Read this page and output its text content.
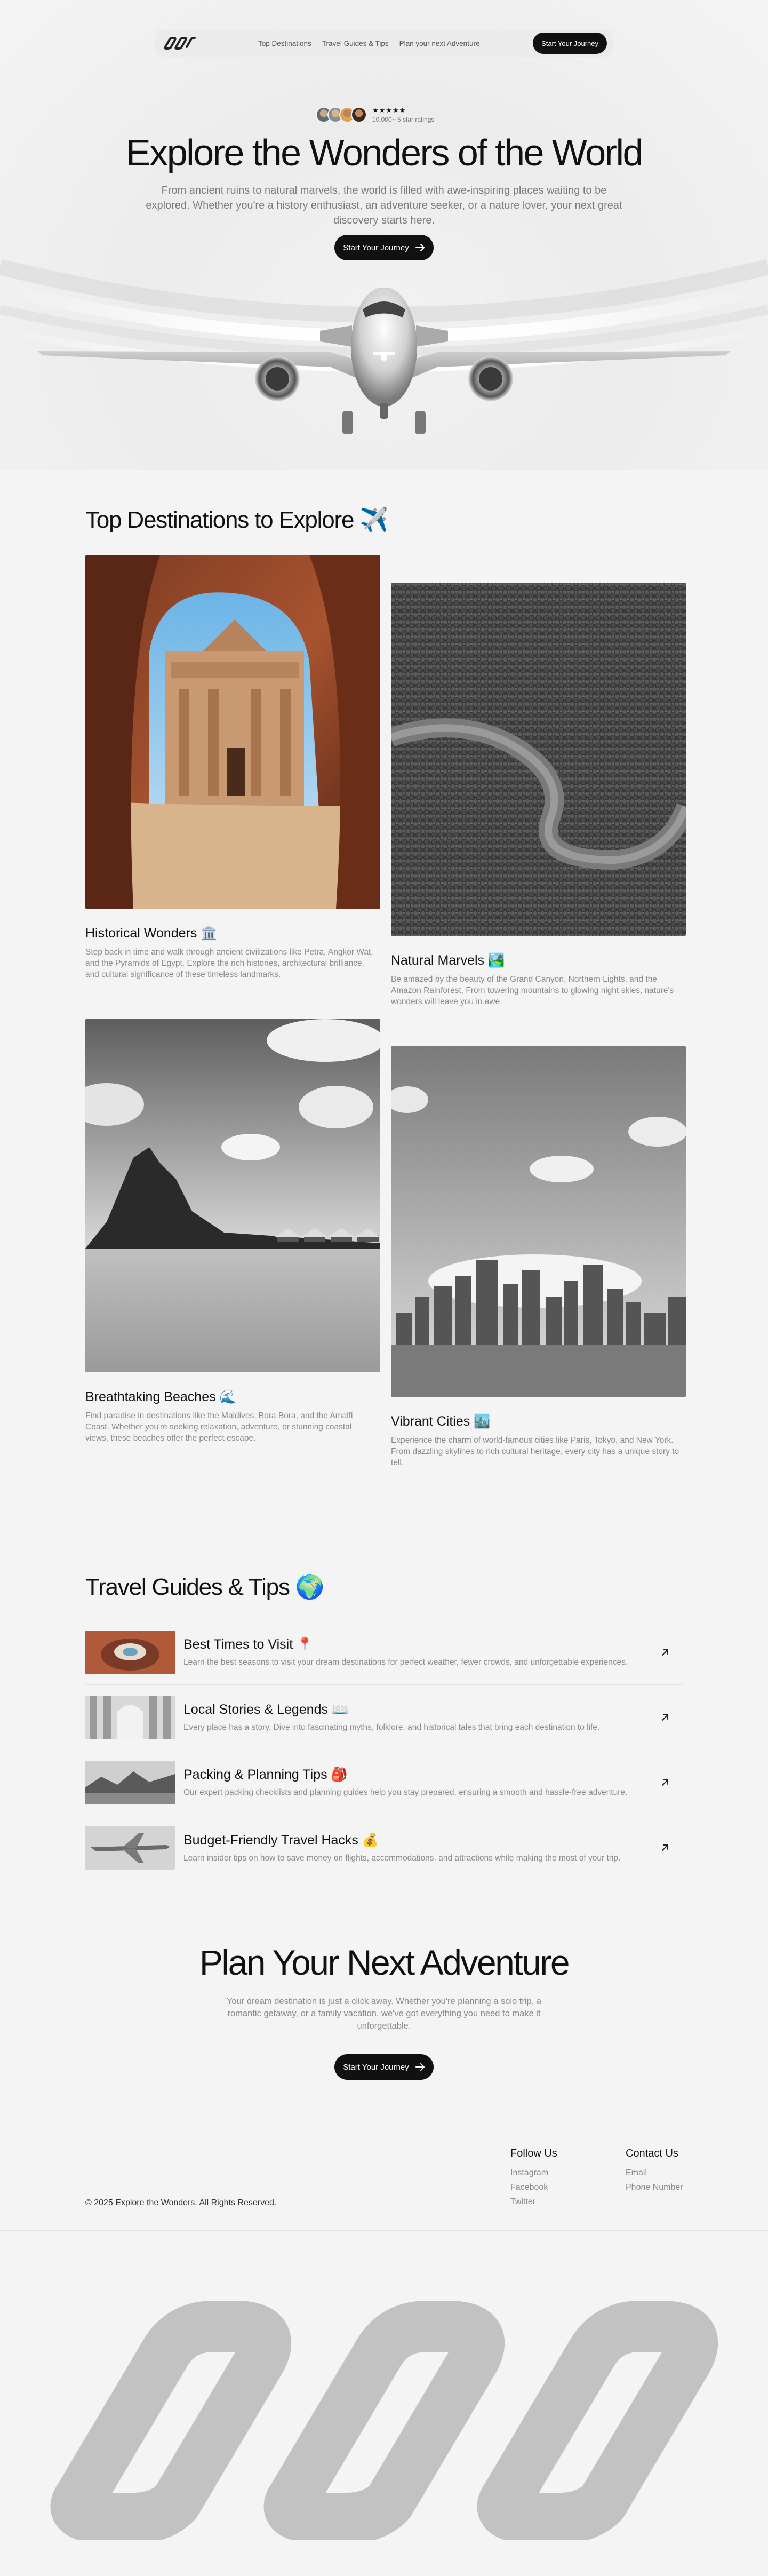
Top Destinations Travel Guides & Tips Plan your next Adventure	Start Your Journey
★★★★★
10,000+ 5 star ratings
Explore the Wonders of the World

From ancient ruins to natural marvels, the world is filled with awe-inspiring places waiting to be explored. Whether you're a history enthusiast, an adventure seeker, or a nature lover, your next great discovery starts here.

Start Your Journey
Top Destinations to Explore ✈️
Historical Wonders 🏛️

Step back in time and walk through ancient civilizations like Petra, Angkor Wat, and the Pyramids of Egypt. Explore the rich histories, architectural brilliance, and cultural significance of these timeless landmarks.

Natural Marvels 🏞️

Be amazed by the beauty of the Grand Canyon, Northern Lights, and the Amazon Rainforest. From towering mountains to glowing night skies, nature's wonders will leave you in awe.

Breathtaking Beaches 🌊

Find paradise in destinations like the Maldives, Bora Bora, and the Amalfi Coast. Whether you're seeking relaxation, adventure, or stunning coastal views, these beaches offer the perfect escape.

Vibrant Cities 🏙️

Experience the charm of world-famous cities like Paris, Tokyo, and New York. From dazzling skylines to rich cultural heritage, every city has a unique story to tell.

Travel Guides & Tips 🌍
Best Times to Visit 📍
Learn the best seasons to visit your dream destinations for perfect weather, fewer crowds, and unforgettable experiences.
Local Stories & Legends 📖
Every place has a story. Dive into fascinating myths, folklore, and historical tales that bring each destination to life.
Packing & Planning Tips 🎒
Our expert packing checklists and planning guides help you stay prepared, ensuring a smooth and hassle-free adventure.
Budget-Friendly Travel Hacks 💰
Learn insider tips on how to save money on flights, accommodations, and attractions while making the most of your trip.
Plan Your Next Adventure

Your dream destination is just a click away. Whether you're planning a solo trip, a romantic getaway, or a family vacation, we've got everything you need to make it unforgettable.

Start Your Journey
© 2025 Explore the Wonders. All Rights Reserved.
Follow Us
Instagram
Facebook
Twitter
Contact Us
Email
Phone Number
